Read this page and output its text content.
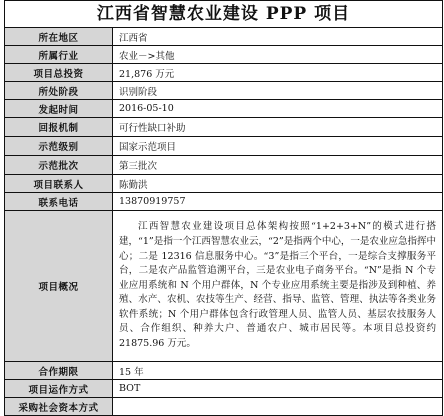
江西省智慧农业建设 PPP 项目
所在地区	江西省
所属行业	农业－>其他
项目总投资	21,876 万元
所处阶段	识别阶段
发起时间	2016-05-10
回报机制	可行性缺口补助
示范级别	国家示范项目
示范批次	第三批次
项目联系人	陈勤洪
联系电话	13870919757
项目概况	江西智慧农业建设项目总体架构按照“1+2+3+N”的模式进行搭建，“1”是指一个江西智慧农业云，“2”是指两个中心，一是农业应急指挥中心；二是 12316 信息服务中心。“3”是指三个平台，一是综合支撑服务平台，二是农产品监管追溯平台，三是农业电子商务平台。“N”是指 N 个专业应用系统和 N 个用户群体，N 个专业应用系统主要是指涉及到种植、养殖、水产、农机、农技等生产、经营、指导、监管、管理、执法等各类业务软件系统；N 个用户群体包含行政管理人员、监管人员、基层农技服务人员、合作组织、种养大户、普通农户、城市居民等。本项目总投资约 21875.96 万元。
合作期限	15 年
项目运作方式	BOT
采购社会资本方式	
